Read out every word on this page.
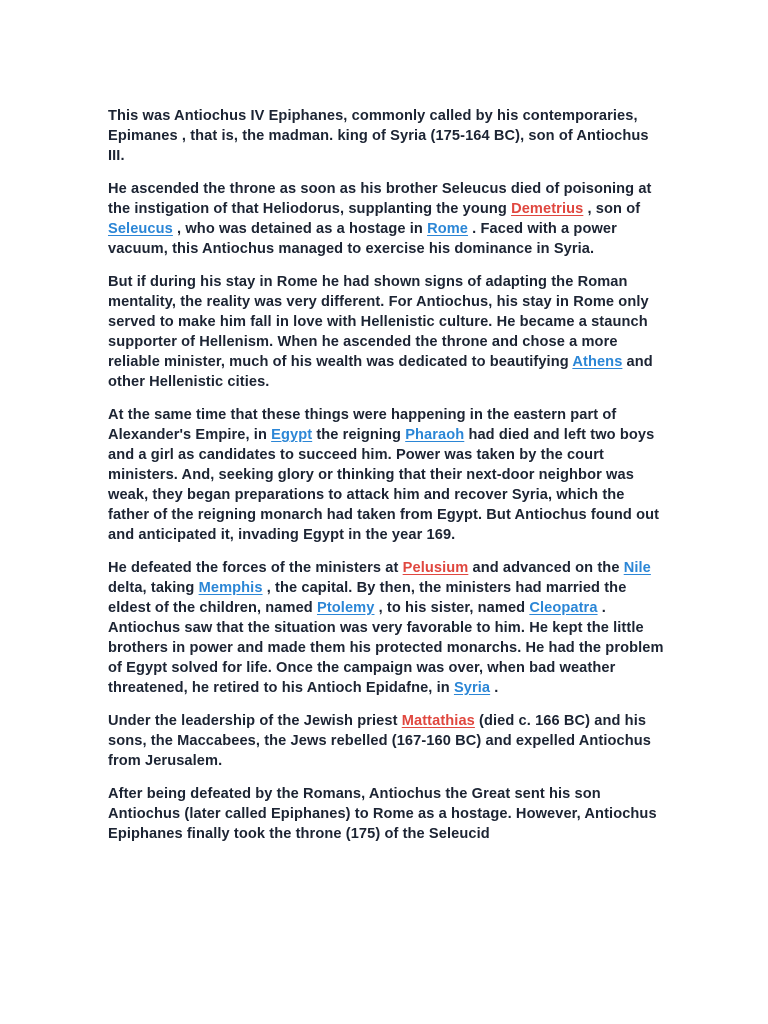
This was Antiochus IV Epiphanes, commonly called by his contemporaries, Epimanes , that is, the madman. king of Syria (175-164 BC), son of Antiochus III.

He ascended the throne as soon as his brother Seleucus died of poisoning at the instigation of that Heliodorus, supplanting the young Demetrius , son of Seleucus , who was detained as a hostage in Rome . Faced with a power vacuum, this Antiochus managed to exercise his dominance in Syria.

But if during his stay in Rome he had shown signs of adapting the Roman mentality, the reality was very different. For Antiochus, his stay in Rome only served to make him fall in love with Hellenistic culture. He became a staunch supporter of Hellenism. When he ascended the throne and chose a more reliable minister, much of his wealth was dedicated to beautifying Athens and other Hellenistic cities.

At the same time that these things were happening in the eastern part of Alexander's Empire, in Egypt the reigning Pharaoh had died and left two boys and a girl as candidates to succeed him. Power was taken by the court ministers. And, seeking glory or thinking that their next-door neighbor was weak, they began preparations to attack him and recover Syria, which the father of the reigning monarch had taken from Egypt. But Antiochus found out and anticipated it, invading Egypt in the year 169.

He defeated the forces of the ministers at Pelusium and advanced on the Nile delta, taking Memphis , the capital. By then, the ministers had married the eldest of the children, named Ptolemy , to his sister, named Cleopatra . Antiochus saw that the situation was very favorable to him. He kept the little brothers in power and made them his protected monarchs. He had the problem of Egypt solved for life. Once the campaign was over, when bad weather threatened, he retired to his Antioch Epidafne, in Syria .

Under the leadership of the Jewish priest Mattathias (died c. 166 BC) and his sons, the Maccabees, the Jews rebelled (167-160 BC) and expelled Antiochus from Jerusalem.

After being defeated by the Romans, Antiochus the Great sent his son Antiochus (later called Epiphanes) to Rome as a hostage. However, Antiochus Epiphanes finally took the throne (175) of the Seleucid
